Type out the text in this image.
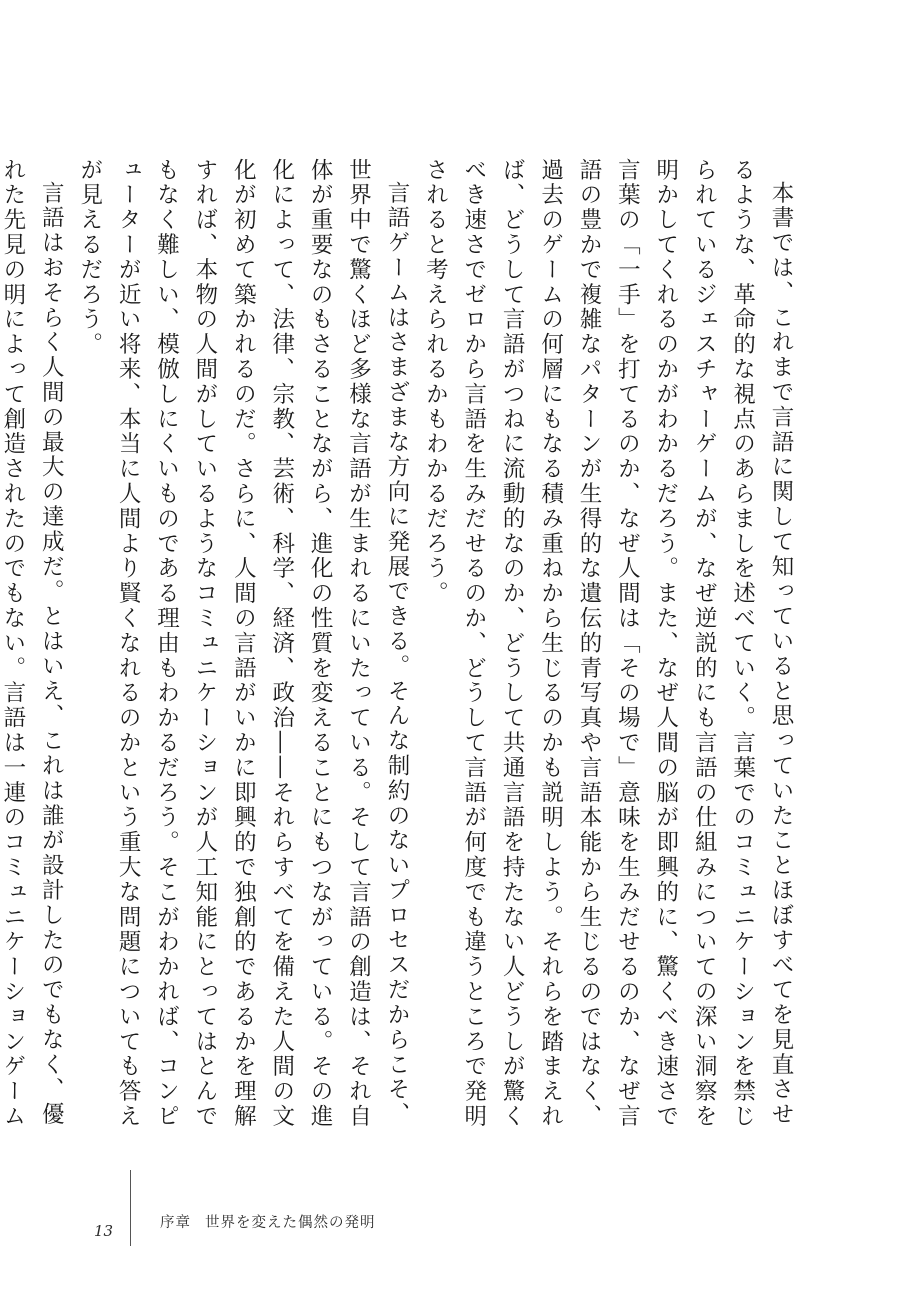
本書では、これまで言語に関して知っていると思っていたことほぼすべてを見直させるような、革命的な視点のあらましを述べていく。言葉でのコミュニケーションを禁じられているジェスチャーゲームが、なぜ逆説的にも言語の仕組みについての深い洞察を明かしてくれるのかがわかるだろう。また、なぜ人間の脳が即興的に、驚くべき速さで言葉の「一手」を打てるのか、なぜ人間は「その場で」意味を生みだせるのか、なぜ言語の豊かで複雑なパターンが生得的な遺伝的青写真や言語本能から生じるのではなく、過去のゲームの何層にもなる積み重ねから生じるのかも説明しよう。それらを踏まえれば、どうして言語がつねに流動的なのか、どうして共通言語を持たない人どうしが驚くべき速さでゼロから言語を生みだせるのか、どうして言語が何度でも違うところで発明されると考えられるかもわかるだろう。

言語ゲームはさまざまな方向に発展できる。そんな制約のないプロセスだからこそ、世界中で驚くほど多様な言語が生まれるにいたっている。そして言語の創造は、それ自体が重要なのもさることながら、進化の性質を変えることにもつながっている。その進化によって、法律、宗教、芸術、科学、経済、政治――それらすべてを備えた人間の文化が初めて築かれるのだ。さらに、人間の言語がいかに即興的で独創的であるかを理解すれば、本物の人間がしているようなコミュニケーションが人工知能にとってはとんでもなく難しい、模倣しにくいものである理由もわかるだろう。そこがわかれば、コンピューターが近い将来、本当に人間より賢くなれるのかという重大な問題についても答えが見えるだろう。

言語はおそらく人間の最大の達成だ。とはいえ、これは誰が設計したのでもなく、優れた先見の明によって創造されたのでもない。言語は一連のコミュニケーションゲーム

13	序章 世界を変えた偶然の発明
